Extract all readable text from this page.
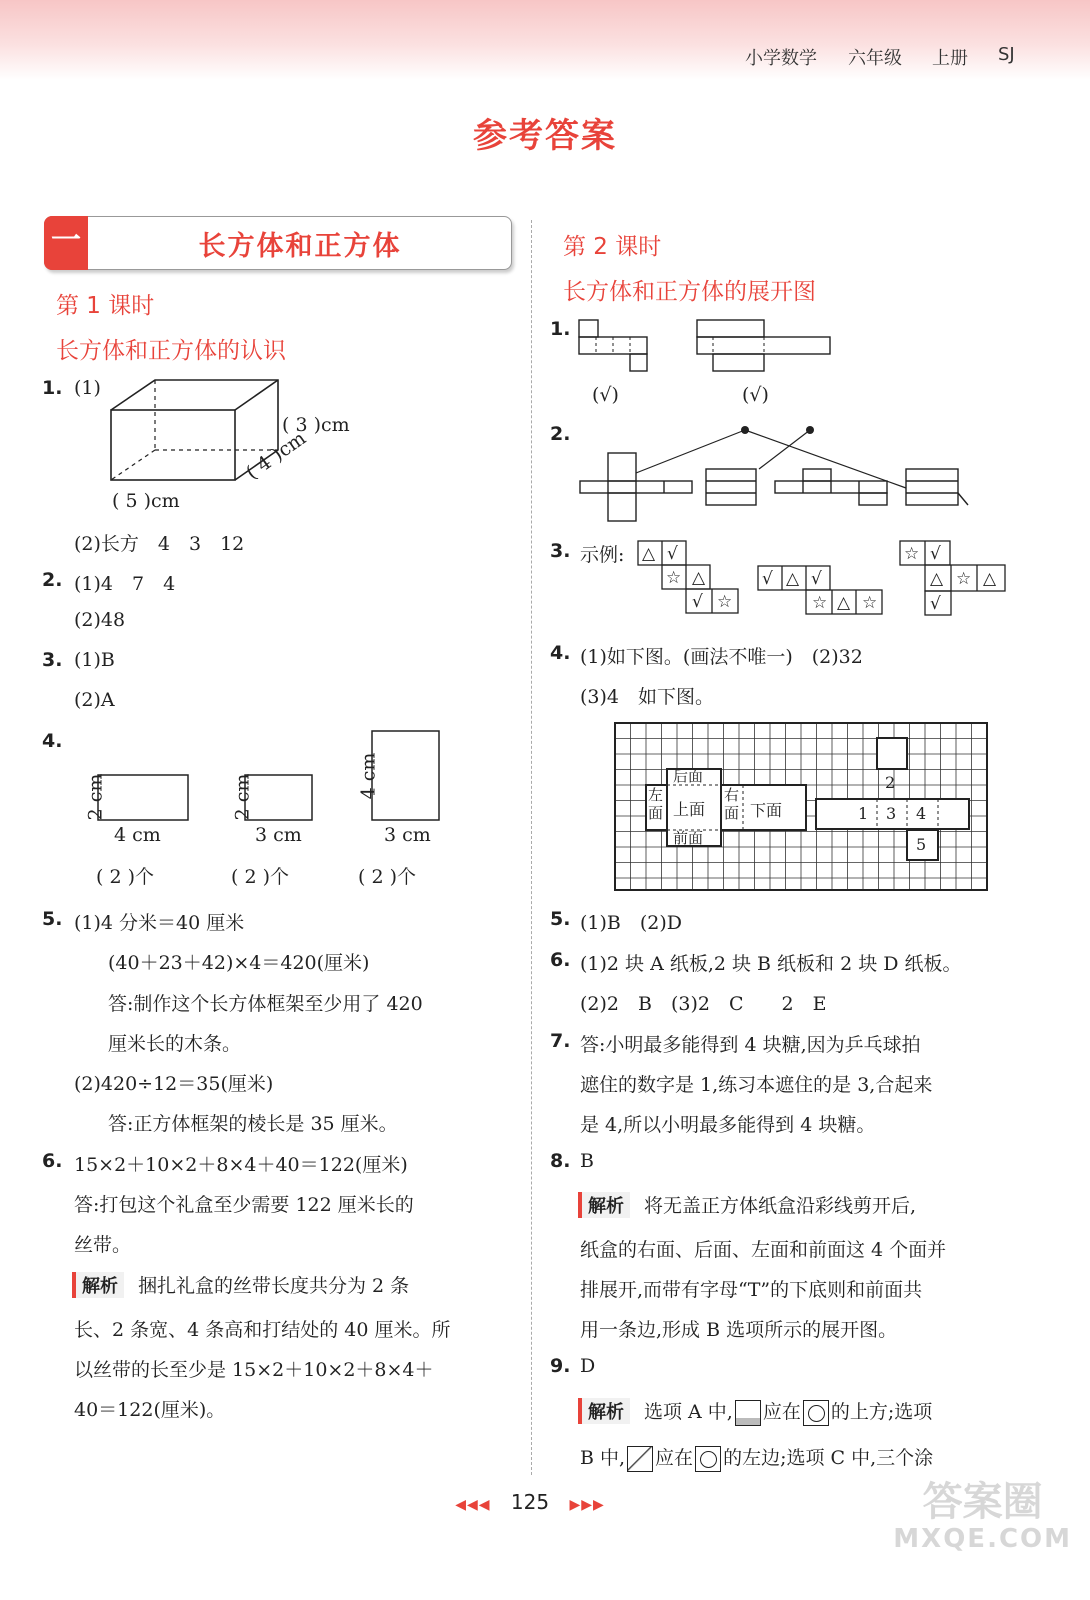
小学数学 六年级 上册 SJ
参考答案
一	长方体和正方体
第 1 课时
长方体和正方体的认识
1. (1)
( 3 )cm
( 5 )cm
( 4 )cm
(2)长方　4　3　12
2. (1)4　7　4
(2)48
3. (1)B
(2)A
4.
2 cm
4 cm
( 2 )个
2 cm
3 cm
( 2 )个
4 cm
3 cm
( 2 )个
5. (1)4 分米＝40 厘米
(40＋23＋42)×4＝420(厘米)
答:制作这个长方体框架至少用了 420
厘米长的木条。
(2)420÷12＝35(厘米)
答:正方体框架的棱长是 35 厘米。
6. 15×2＋10×2＋8×4＋40＝122(厘米)
答:打包这个礼盒至少需要 122 厘米长的
丝带。
解析 捆扎礼盒的丝带长度共分为 2 条
长、2 条宽、4 条高和打结处的 40 厘米。所
以丝带的长至少是 15×2＋10×2＋8×4＋
40＝122(厘米)。
第 2 课时
长方体和正方体的展开图
1.
(√)	(√)
2.
3. 示例: △ √
☆ △
√ ☆
√ △ √
☆ △ ☆
☆ √
△ ☆ △
√
4. (1)如下图。(画法不唯一)　(2)32
(3)4　如下图。
后面
左面 上面
右面
前面
下面
2
1 3 4
5
5. (1)B　(2)D
6. (1)2 块 A 纸板,2 块 B 纸板和 2 块 D 纸板。
(2)2　B　(3)2　C　　2　E
7. 答:小明最多能得到 4 块糖,因为乒乓球拍
遮住的数字是 1,练习本遮住的是 3,合起来
是 4,所以小明最多能得到 4 块糖。
8. B
解析 将无盖正方体纸盒沿彩线剪开后,
纸盒的右面、后面、左面和前面这 4 个面并
排展开,而带有字母“T”的下底则和前面共
用一条边,形成 B 选项所示的展开图。
9. D
解析 选项 A 中, 应在 的上方;选项
B 中, 应在 的左边;选项 C 中,三个涂
◀◀◀ 125 ▶▶▶	答案圈
MXQE.COM
